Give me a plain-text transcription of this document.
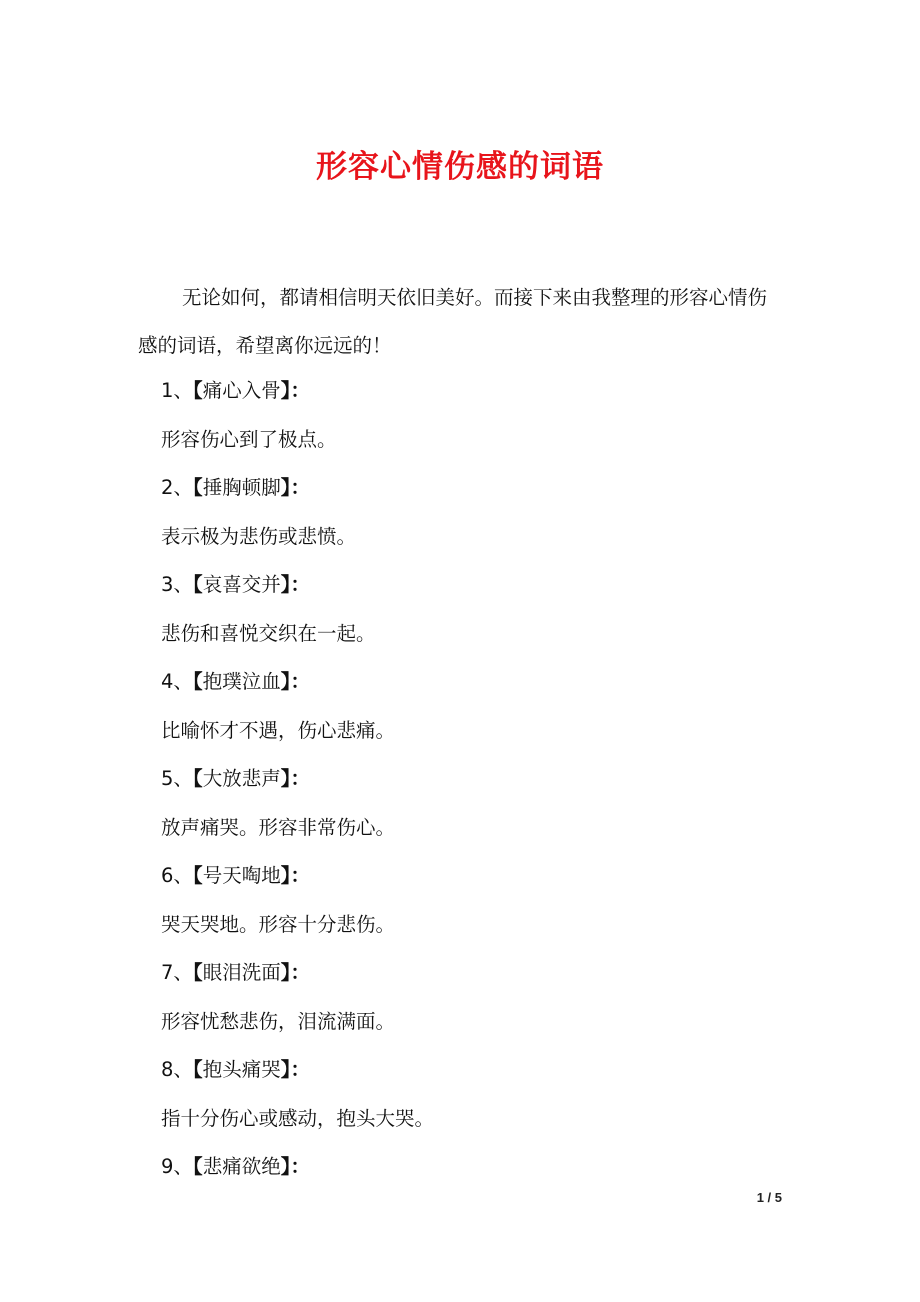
形容心情伤感的词语
无论如何，都请相信明天依旧美好。而接下来由我整理的形容心情伤感的词语，希望离你远远的！
1、【痛心入骨】：
形容伤心到了极点。
2、【捶胸顿脚】：
表示极为悲伤或悲愤。
3、【哀喜交并】：
悲伤和喜悦交织在一起。
4、【抱璞泣血】：
比喻怀才不遇，伤心悲痛。
5、【大放悲声】：
放声痛哭。形容非常伤心。
6、【号天啕地】：
哭天哭地。形容十分悲伤。
7、【眼泪洗面】：
形容忧愁悲伤，泪流满面。
8、【抱头痛哭】：
指十分伤心或感动，抱头大哭。
9、【悲痛欲绝】：
1 / 5
